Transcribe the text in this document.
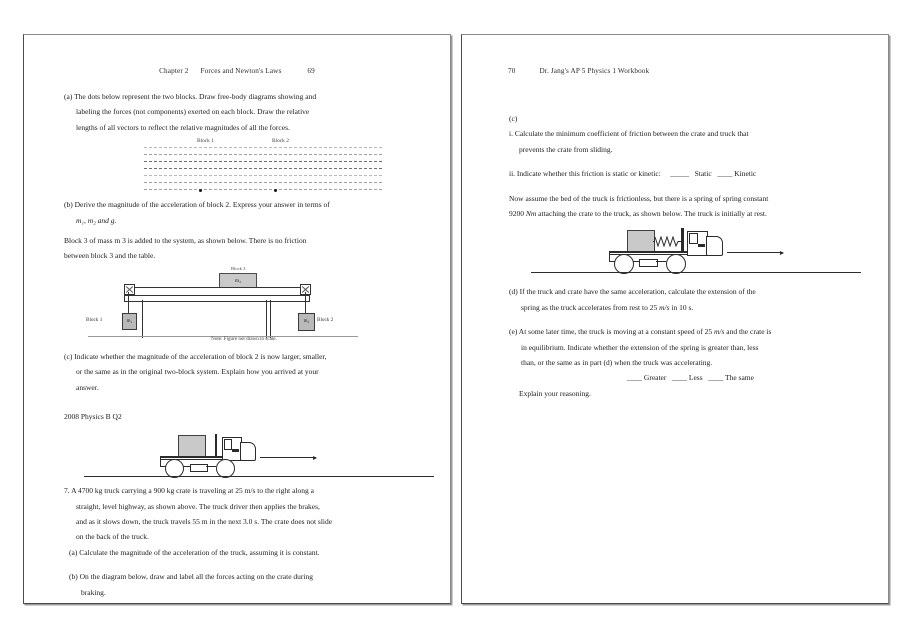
Chapter 2 Forces and Newton's Laws	69
(a) The dots below represent the two blocks. Draw free-body diagrams showing and
labeling the forces (not components) exerted on each block. Draw the relative
lengths of all vectors to reflect the relative magnitudes of all the forces.
Block 1	Block 2
(b) Derive the magnitude of the acceleration of block 2. Express your answer in terms of
m₁, m₂ and g.
Block 3 of mass m 3 is added to the system, as shown below. There is no friction
between block 3 and the table.
Block 3
m₃
m₁	m₂
Block 1	Block 2
Note: Figure not drawn to scale.
(c) Indicate whether the magnitude of the acceleration of block 2 is now larger, smaller,
or the same as in the original two-block system. Explain how you arrived at your
answer.
2008 Physics B Q2
7. A 4700 kg truck carrying a 900 kg crate is traveling at 25 m/s to the right along a
straight, level highway, as shown above. The truck driver then applies the brakes,
and as it slows down, the truck travels 55 m in the next 3.0 s. The crate does not slide
on the back of the truck.
(a) Calculate the magnitude of the acceleration of the truck, assuming it is constant.
(b) On the diagram below, draw and label all the forces acting on the crate during
braking.
70	Dr. Jang's AP 5 Physics 1 Workbook
(c)
i. Calculate the minimum coefficient of friction between the crate and truck that
prevents the crate from sliding.
ii. Indicate whether this friction is static or kinetic: _____ Static ____ Kinetic
Now assume the bed of the truck is frictionless, but there is a spring of spring constant
9200 Nm attaching the crate to the truck, as shown below. The truck is initially at rest.
(d) If the truck and crate have the same acceleration, calculate the extension of the
spring as the truck accelerates from rest to 25 m/s in 10 s.
(e) At some later time, the truck is moving at a constant speed of 25 m/s and the crate is
in equilibrium. Indicate whether the extension of the spring is greater than, less
than, or the same as in part (d) when the truck was accelerating.
____ Greater ____ Less ____ The same
Explain your reasoning.
